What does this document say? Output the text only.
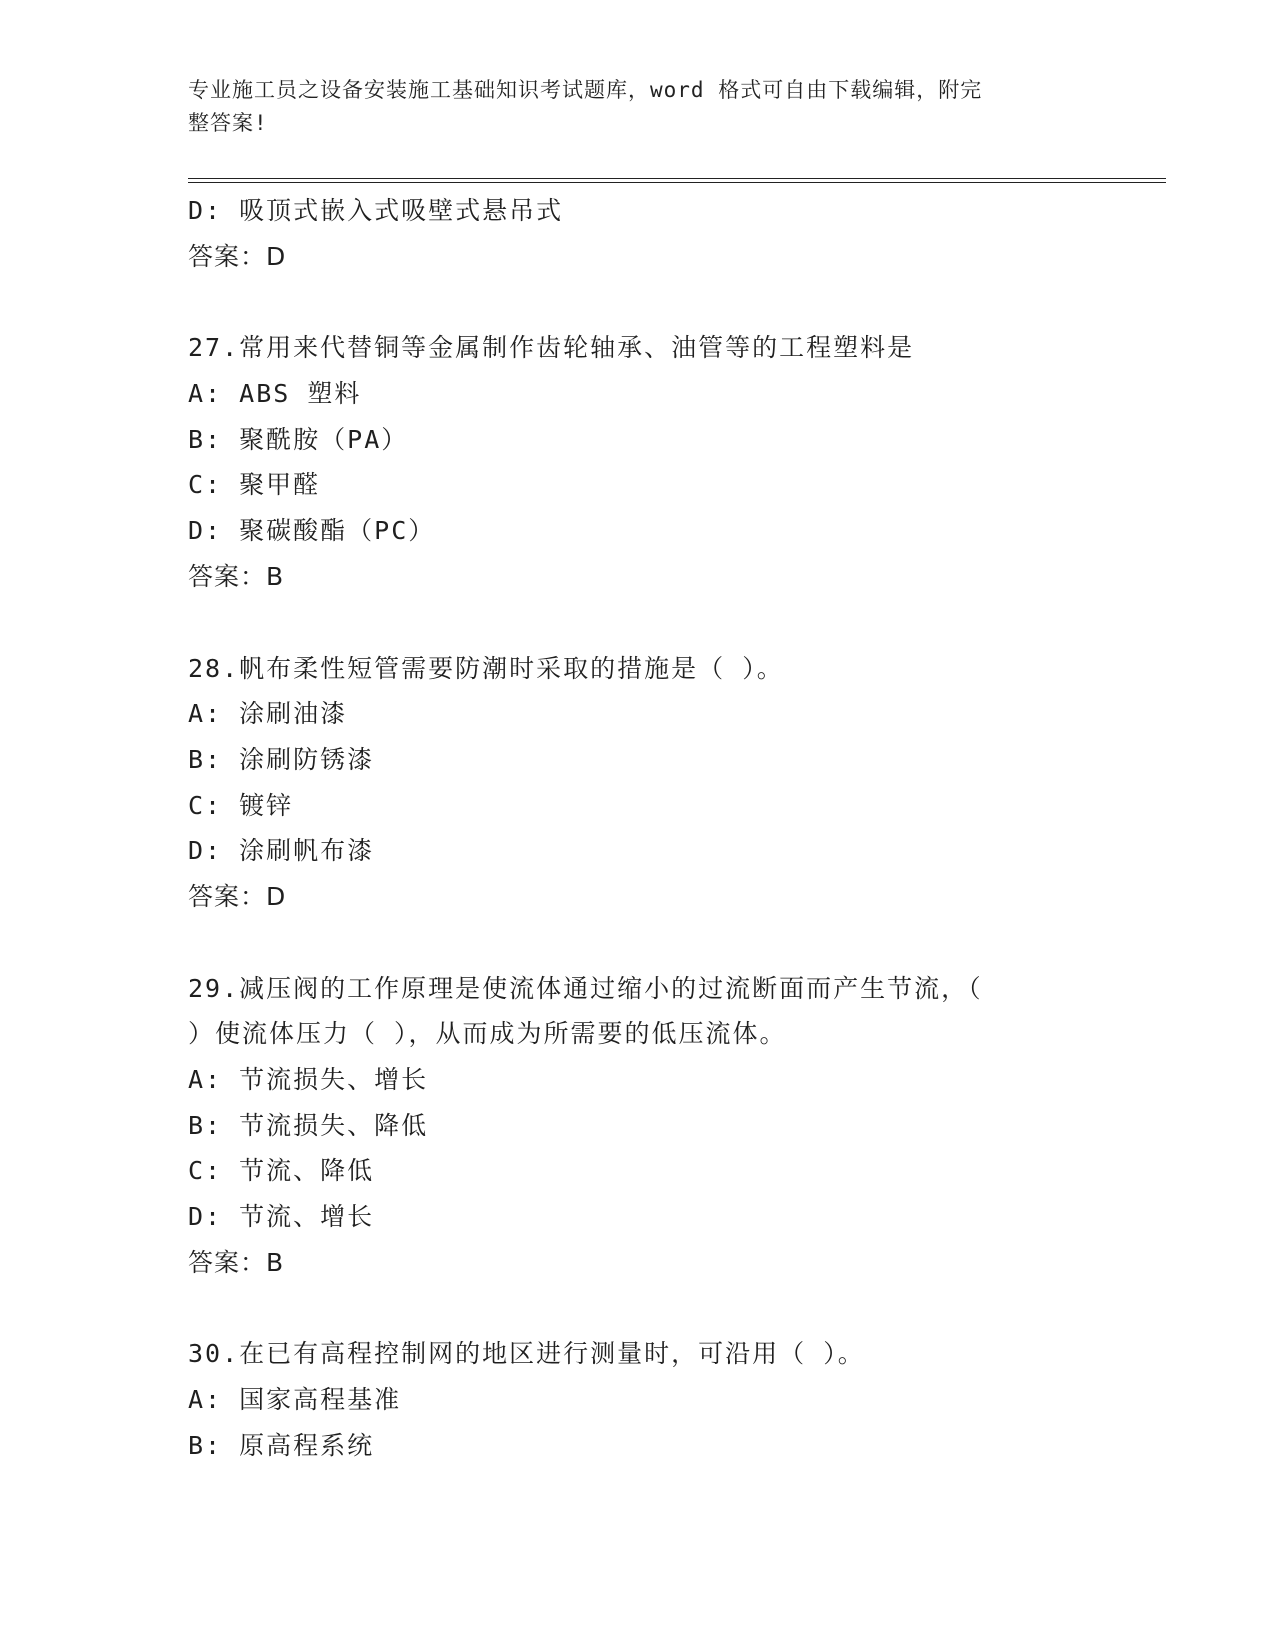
专业施工员之设备安装施工基础知识考试题库，word 格式可自由下载编辑，附完
整答案!
D: 吸顶式嵌入式吸壁式悬吊式
答案：D
27.常用来代替铜等金属制作齿轮轴承、油管等的工程塑料是
A: ABS 塑料
B: 聚酰胺（PA）
C: 聚甲醛
D: 聚碳酸酯（PC）
答案：B
28.帆布柔性短管需要防潮时采取的措施是（ ）。
A: 涂刷油漆
B: 涂刷防锈漆
C: 镀锌
D: 涂刷帆布漆
答案：D
29.减压阀的工作原理是使流体通过缩小的过流断面而产生节流，（
）使流体压力（ ），从而成为所需要的低压流体。
A: 节流损失、增长
B: 节流损失、降低
C: 节流、降低
D: 节流、增长
答案：B
30.在已有高程控制网的地区进行测量时，可沿用（ ）。
A: 国家高程基准
B: 原高程系统
